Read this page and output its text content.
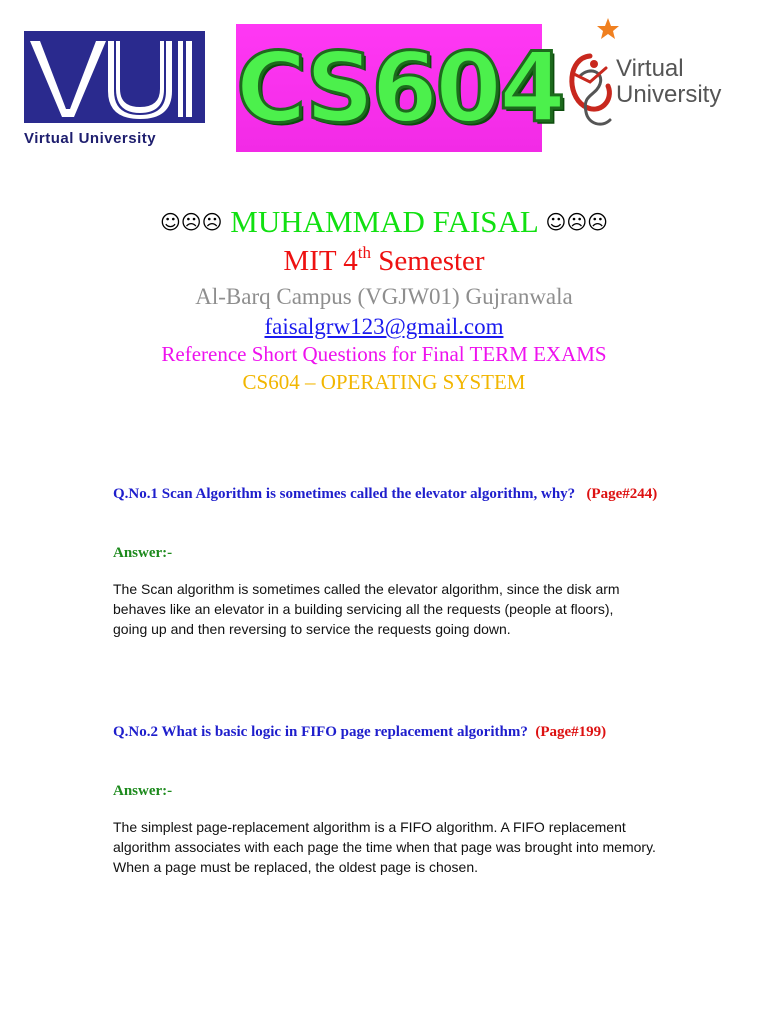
Virtual University CS604 Virtual
University
☺☹☹ MUHAMMAD FAISAL ☺☹☹
MIT 4th Semester
Al-Barq Campus (VGJW01) Gujranwala
faisalgrw123@gmail.com
Reference Short Questions for Final TERM EXAMS
CS604 – OPERATING SYSTEM
Q.No.1 Scan Algorithm is sometimes called the elevator algorithm, why? (Page#244)
Answer:-
The Scan algorithm is sometimes called the elevator algorithm, since the disk arm
behaves like an elevator in a building servicing all the requests (people at floors),
going up and then reversing to service the requests going down.
Q.No.2 What is basic logic in FIFO page replacement algorithm? (Page#199)
Answer:-
The simplest page-replacement algorithm is a FIFO algorithm. A FIFO replacement
algorithm associates with each page the time when that page was brought into memory.
When a page must be replaced, the oldest page is chosen.
